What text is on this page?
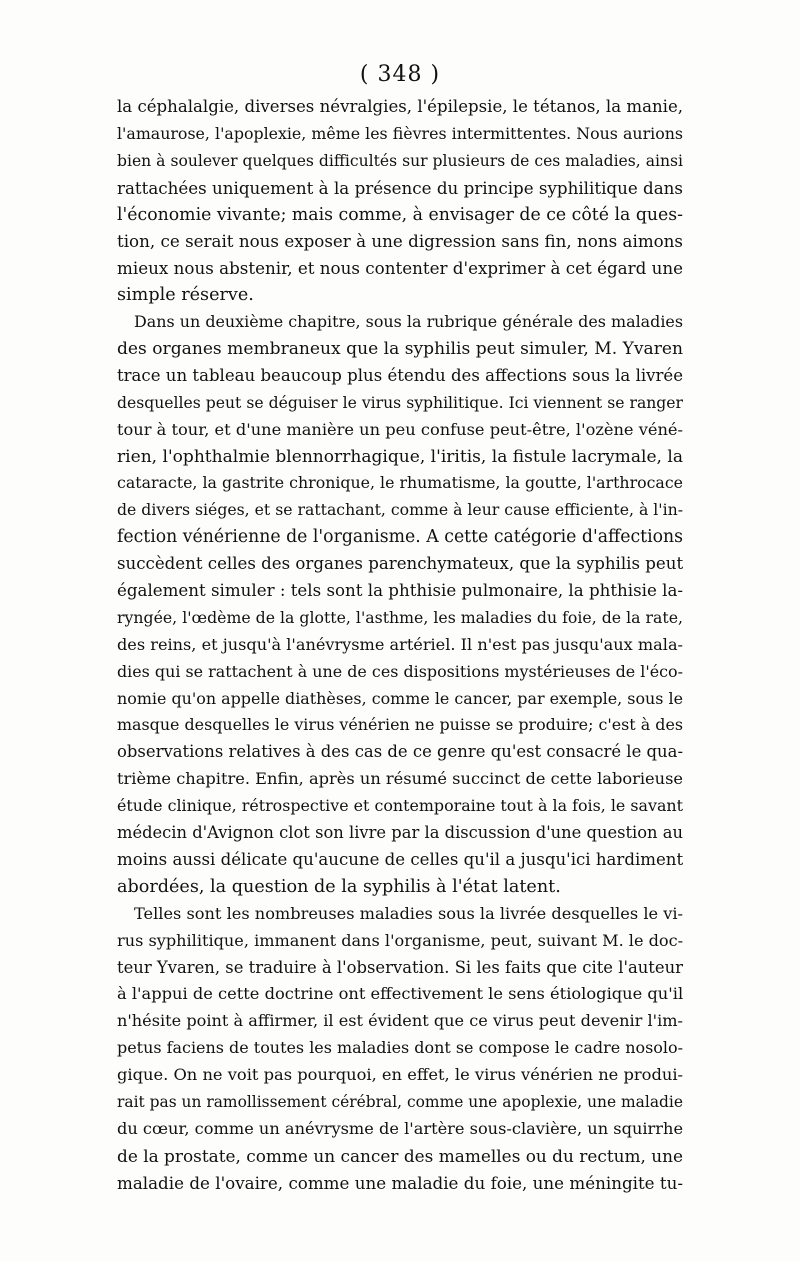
( 348 )
la céphalalgie, diverses névralgies, l'épilepsie, le tétanos, la manie,
l'amaurose, l'apoplexie, même les fièvres intermittentes. Nous aurions
bien à soulever quelques difficultés sur plusieurs de ces maladies, ainsi
rattachées uniquement à la présence du principe syphilitique dans
l'économie vivante; mais comme, à envisager de ce côté la ques-
tion, ce serait nous exposer à une digression sans fin, nons aimons
mieux nous abstenir, et nous contenter d'exprimer à cet égard une
simple réserve.
Dans un deuxième chapitre, sous la rubrique générale des maladies
des organes membraneux que la syphilis peut simuler, M. Yvaren
trace un tableau beaucoup plus étendu des affections sous la livrée
desquelles peut se déguiser le virus syphilitique. Ici viennent se ranger
tour à tour, et d'une manière un peu confuse peut-être, l'ozène véné-
rien, l'ophthalmie blennorrhagique, l'iritis, la fistule lacrymale, la
cataracte, la gastrite chronique, le rhumatisme, la goutte, l'arthrocace
de divers siéges, et se rattachant, comme à leur cause efficiente, à l'in-
fection vénérienne de l'organisme. A cette catégorie d'affections
succèdent celles des organes parenchymateux, que la syphilis peut
également simuler : tels sont la phthisie pulmonaire, la phthisie la-
ryngée, l'œdème de la glotte, l'asthme, les maladies du foie, de la rate,
des reins, et jusqu'à l'anévrysme artériel. Il n'est pas jusqu'aux mala-
dies qui se rattachent à une de ces dispositions mystérieuses de l'éco-
nomie qu'on appelle diathèses, comme le cancer, par exemple, sous le
masque desquelles le virus vénérien ne puisse se produire; c'est à des
observations relatives à des cas de ce genre qu'est consacré le qua-
trième chapitre. Enfin, après un résumé succinct de cette laborieuse
étude clinique, rétrospective et contemporaine tout à la fois, le savant
médecin d'Avignon clot son livre par la discussion d'une question au
moins aussi délicate qu'aucune de celles qu'il a jusqu'ici hardiment
abordées, la question de la syphilis à l'état latent.
Telles sont les nombreuses maladies sous la livrée desquelles le vi-
rus syphilitique, immanent dans l'organisme, peut, suivant M. le doc-
teur Yvaren, se traduire à l'observation. Si les faits que cite l'auteur
à l'appui de cette doctrine ont effectivement le sens étiologique qu'il
n'hésite point à affirmer, il est évident que ce virus peut devenir l'im-
petus faciens de toutes les maladies dont se compose le cadre nosolo-
gique. On ne voit pas pourquoi, en effet, le virus vénérien ne produi-
rait pas un ramollissement cérébral, comme une apoplexie, une maladie
du cœur, comme un anévrysme de l'artère sous-clavière, un squirrhe
de la prostate, comme un cancer des mamelles ou du rectum, une
maladie de l'ovaire, comme une maladie du foie, une méningite tu-
